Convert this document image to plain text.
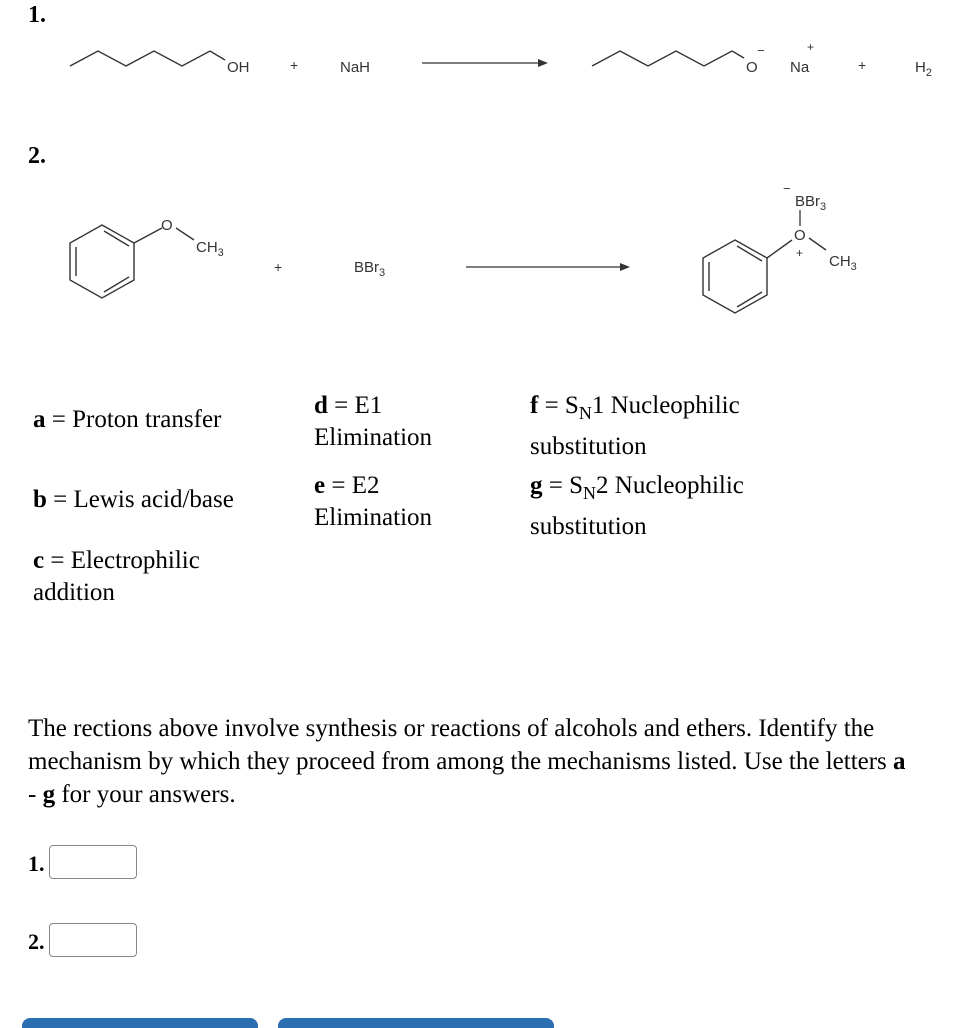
1.
OH	+	NaH	O
−
Na
+
+	$H_2$
O
$CH_3$
+	BBr$_3$
O
+
BBr$_3$
−
$CH_3$
2.
a = Proton transfer
b = Lewis acid/base
c = Electrophilic
addition
d = E1
Elimination
e = E2
Elimination
$f = S_N1$ Nucleophilic
substitution
$g = S_N2$ Nucleophilic
substitution
The rections above involve synthesis or reactions of alcohols and ethers. Identify the mechanism by which they proceed from among the mechanisms listed. Use the letters a - g for your answers.
1.
2.
